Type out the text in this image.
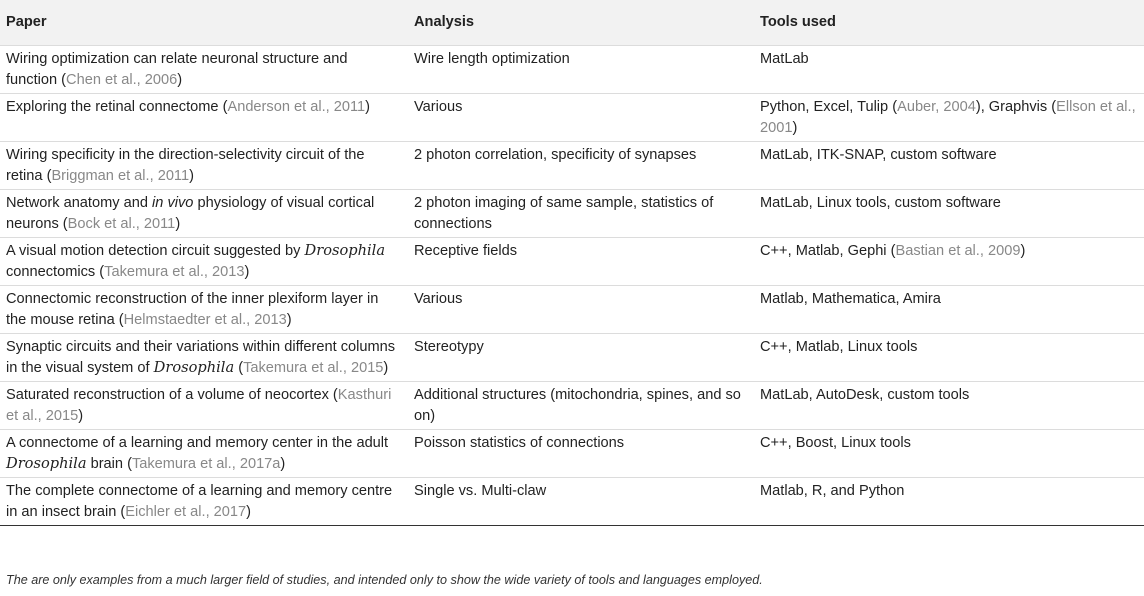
Paper	Analysis	Tools used
Wiring optimization can relate neuronal structure and function (Chen et al., 2006)	Wire length optimization	MatLab
Exploring the retinal connectome (Anderson et al., 2011)	Various	Python, Excel, Tulip (Auber, 2004), Graphvis (Ellson et al., 2001)
Wiring specificity in the direction-selectivity circuit of the retina (Briggman et al., 2011)	2 photon correlation, specificity of synapses	MatLab, ITK-SNAP, custom software
Network anatomy and in vivo physiology of visual cortical neurons (Bock et al., 2011)	2 photon imaging of same sample, statistics of connections	MatLab, Linux tools, custom software
A visual motion detection circuit suggested by Drosophila connectomics (Takemura et al., 2013)	Receptive fields	C++, Matlab, Gephi (Bastian et al., 2009)
Connectomic reconstruction of the inner plexiform layer in the mouse retina (Helmstaedter et al., 2013)	Various	Matlab, Mathematica, Amira
Synaptic circuits and their variations within different columns in the visual system of Drosophila (Takemura et al., 2015)	Stereotypy	C++, Matlab, Linux tools
Saturated reconstruction of a volume of neocortex (Kasthuri et al., 2015)	Additional structures (mitochondria, spines, and so on)	MatLab, AutoDesk, custom tools
A connectome of a learning and memory center in the adult Drosophila brain (Takemura et al., 2017a)	Poisson statistics of connections	C++, Boost, Linux tools
The complete connectome of a learning and memory centre in an insect brain (Eichler et al., 2017)	Single vs. Multi-claw	Matlab, R, and Python
The are only examples from a much larger field of studies, and intended only to show the wide variety of tools and languages employed.
